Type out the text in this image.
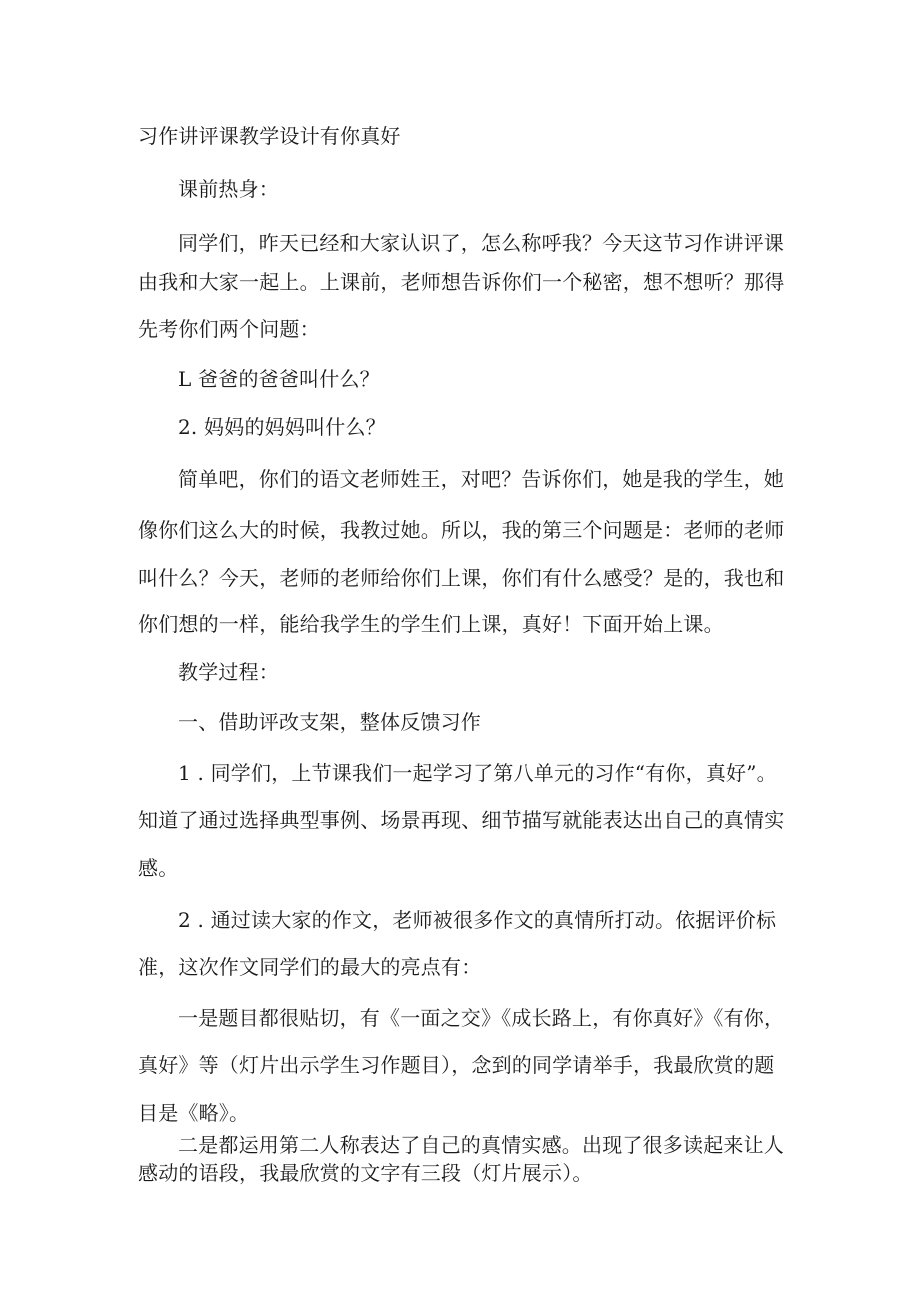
习作讲评课教学设计有你真好
课前热身：
同学们，昨天已经和大家认识了，怎么称呼我？今天这节习作讲评课
由我和大家一起上。上课前，老师想告诉你们一个秘密，想不想听？那得
先考你们两个问题：
L 爸爸的爸爸叫什么？
2. 妈妈的妈妈叫什么？
简单吧，你们的语文老师姓王，对吧？告诉你们，她是我的学生，她
像你们这么大的时候，我教过她。所以，我的第三个问题是：老师的老师
叫什么？今天，老师的老师给你们上课，你们有什么感受？是的，我也和
你们想的一样，能给我学生的学生们上课，真好！下面开始上课。
教学过程：
一、借助评改支架，整体反馈习作
1 . 同学们，上节课我们一起学习了第八单元的习作“有你，真好”。
知道了通过选择典型事例、场景再现、细节描写就能表达出自己的真情实
感。
2 . 通过读大家的作文，老师被很多作文的真情所打动。依据评价标
准，这次作文同学们的最大的亮点有：
一是题目都很贴切，有《一面之交》《成长路上，有你真好》《有你，
真好》等（灯片出示学生习作题目），念到的同学请举手，我最欣赏的题
目是《略》。
二是都运用第二人称表达了自己的真情实感。出现了很多读起来让人
感动的语段，我最欣赏的文字有三段（灯片展示）。
